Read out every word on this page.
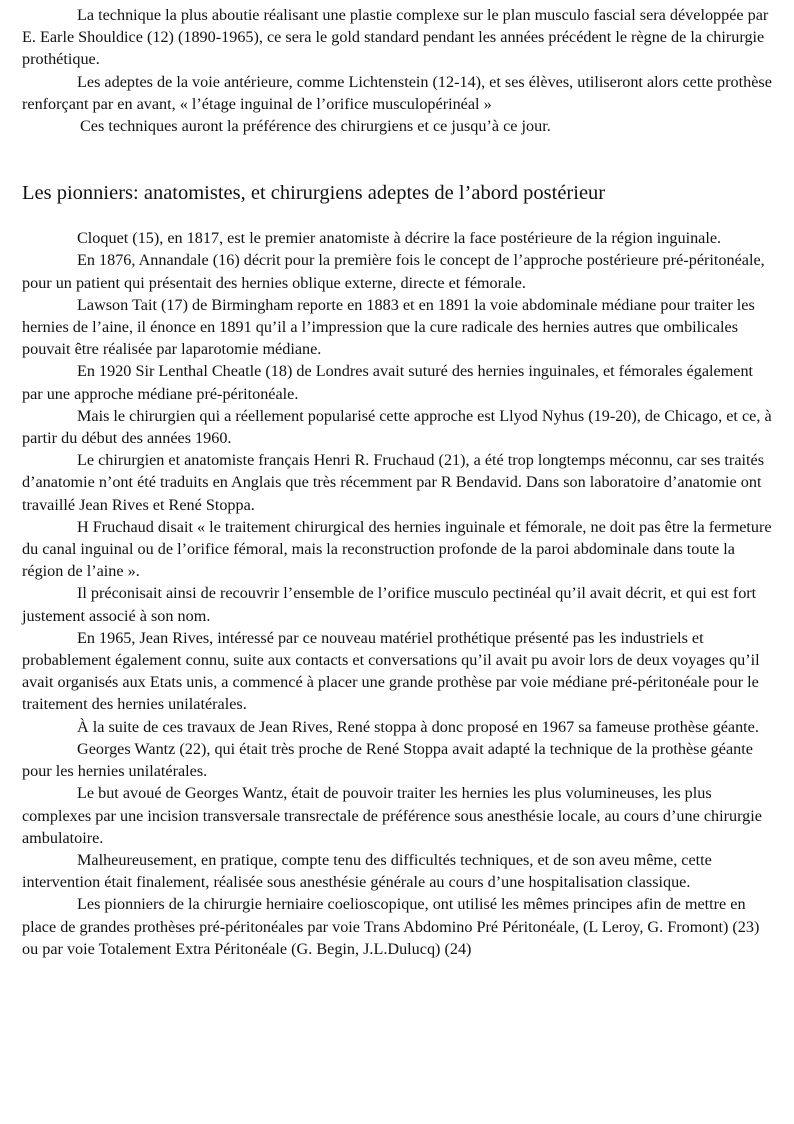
La technique la plus aboutie réalisant une plastie complexe sur le plan musculo fascial sera développée par E. Earle Shouldice (12) (1890-1965), ce sera le gold standard pendant les années précédent le règne de la chirurgie prothétique.

Les adeptes de la voie antérieure, comme Lichtenstein (12-14), et ses élèves, utiliseront alors cette prothèse renforçant par en avant, « l’étage inguinal de l’orifice musculopérinéal »

Ces techniques auront la préférence des chirurgiens et ce jusqu’à ce jour.

Les pionniers: anatomistes, et chirurgiens adeptes de l’abord postérieur

Cloquet (15), en 1817, est le premier anatomiste à décrire la face postérieure de la région inguinale.

En 1876, Annandale (16) décrit pour la première fois le concept de l’approche postérieure pré-péritonéale, pour un patient qui présentait des hernies oblique externe, directe et fémorale.

Lawson Tait (17) de Birmingham reporte en 1883 et en 1891 la voie abdominale médiane pour traiter les hernies de l’aine, il énonce en 1891 qu’il a l’impression que la cure radicale des hernies autres que ombilicales pouvait être réalisée par laparotomie médiane.

En 1920 Sir Lenthal Cheatle (18) de Londres avait suturé des hernies inguinales, et fémorales également par une approche médiane pré-péritonéale.

Mais le chirurgien qui a réellement popularisé cette approche est Llyod Nyhus (19-20), de Chicago, et ce, à partir du début des années 1960.

Le chirurgien et anatomiste français Henri R. Fruchaud (21), a été trop longtemps méconnu, car ses traités d’anatomie n’ont été traduits en Anglais que très récemment par R Bendavid. Dans son laboratoire d’anatomie ont travaillé Jean Rives et René Stoppa.

H Fruchaud disait « le traitement chirurgical des hernies inguinale et fémorale, ne doit pas être la fermeture du canal inguinal ou de l’orifice fémoral, mais la reconstruction profonde de la paroi abdominale dans toute la région de l’aine ».

Il préconisait ainsi de recouvrir l’ensemble de l’orifice musculo pectinéal qu’il avait décrit, et qui est fort justement associé à son nom.

En 1965, Jean Rives, intéressé par ce nouveau matériel prothétique présenté pas les industriels et probablement également connu, suite aux contacts et conversations qu’il avait pu avoir lors de deux voyages qu’il avait organisés aux Etats unis, a commencé à placer une grande prothèse par voie médiane pré-péritonéale pour le traitement des hernies unilatérales.

À la suite de ces travaux de Jean Rives, René stoppa à donc proposé en 1967 sa fameuse prothèse géante.

Georges Wantz (22), qui était très proche de René Stoppa avait adapté la technique de la prothèse géante pour les hernies unilatérales.

Le but avoué de Georges Wantz, était de pouvoir traiter les hernies les plus volumineuses, les plus complexes par une incision transversale transrectale de préférence sous anesthésie locale, au cours d’une chirurgie ambulatoire.

Malheureusement, en pratique, compte tenu des difficultés techniques, et de son aveu même, cette intervention était finalement, réalisée sous anesthésie générale au cours d’une hospitalisation classique.

Les pionniers de la chirurgie herniaire coelioscopique, ont utilisé les mêmes principes afin de mettre en place de grandes prothèses pré-péritonéales par voie Trans Abdomino Pré Péritonéale, (L Leroy, G. Fromont) (23) ou par voie Totalement Extra Péritonéale (G. Begin, J.L.Dulucq) (24)
